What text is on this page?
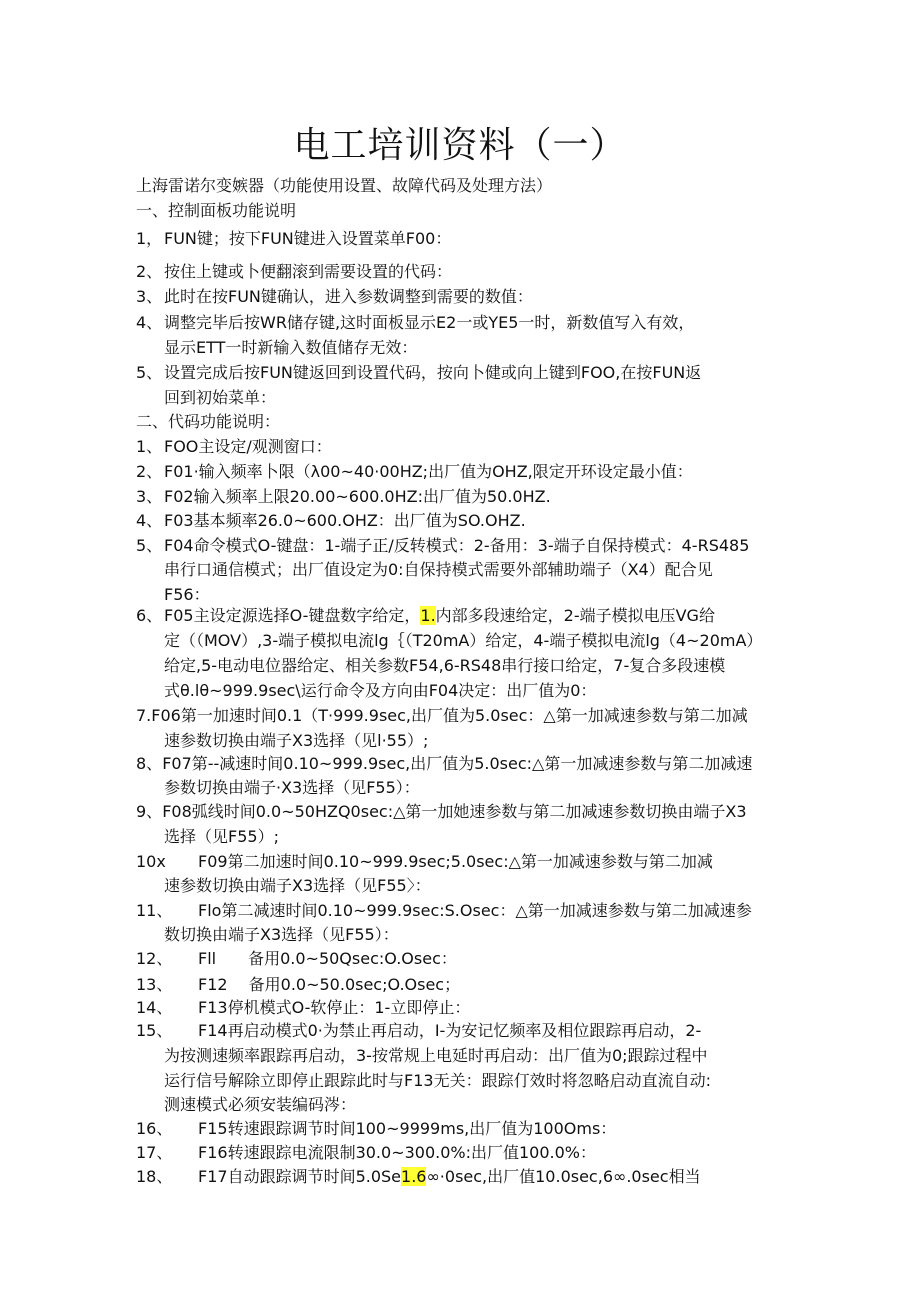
电工培训资料（一）
上海雷诺尔变嫉器（功能使用设置、故障代码及处理方法）
一、控制面板功能说明
1， FUN键；按下FUN键进入设置菜单F00：
2、 按住上键或卜便翻滚到需要设置的代码：
3、 此时在按FUN键确认，进入参数调整到需要的数值：
4、 调整完毕后按WR储存键,这时面板显示E2一或YE5一时，新数值写入有效，
显示ETT一时新输入数值储存无效：
5、 设置完成后按FUN键返回到设置代码，按向卜健或向上键到FOO,在按FUN返
回到初始菜单：
二、代码功能说明：
1、 FOO主设定/观测窗口：
2、 F01·输入频率卜限（λ00~40·00HZ;出厂值为OHZ,限定开环设定最小值：
3、 F02输入频率上限20.00~600.0HZ:出厂值为50.0HZ.
4、 F03基本频率26.0~600.OHZ：出厂值为SO.OHZ.
5、 F04命令模式O-键盘：1-端子正/反转模式：2-备用：3-端子自保持模式：4-RS485
串行口通信模式；出厂值设定为0:自保持模式需要外部辅助端子（X4）配合见
F56：
6、 F05主设定源选择O-键盘数字给定，1.内部多段速给定，2-端子模拟电压VG给
定（（MOV）,3-端子模拟电流lg｛（T20mA）给定，4-端子模拟电流lg（4~20mA）
给定,5-电动电位器给定、相关参数F54,6-RS48串行接口给定，7-复合多段速模
式θ.lθ~999.9sec\运行命令及方向由F04决定：出厂值为0：
7.F06第一加速时间0.1（T·999.9sec,出厂值为5.0sec：△第一加减速参数与第二加减
速参数切换由端子X3选择（见l·55）;
8、F07第--减速时间0.10~999.9sec,出厂值为5.0sec:△第一加减速参数与第二加减速
参数切换由端子·X3选择（见F55）：
9、F08弧线时间0.0~50HZQ0sec:△第一加她速参数与第二加减速参数切换由端子X3
选择（见F55）;
10x F09第二加速时间0.10~999.9sec;5.0sec:△第一加减速参数与第二加减
速参数切换由端子X3选择（见F55〉：
11、 Flo第二减速时间0.10~999.9sec:S.Osec：△第一加减速参数与第二加减速参
数切换由端子X3选择（见F55）：
12、 Fll　　备用0.0~50Qsec:O.Osec：
13、 F12　 备用0.0~50.0sec;O.Osec；
14、 F13停机模式O-软停止：1-立即停止：
15、 F14再启动模式0·为禁止再启动，I-为安记忆频率及相位跟踪再启动，2-
为按测速频率跟踪再启动，3-按常规上电延时再启动：出厂值为0;跟踪过程中
运行信号解除立即停止跟踪此时与F13无关：跟踪仃效时将忽略启动直流自动:
测速模式必须安装编码涔：
16、 F15转速跟踪调节时间100~9999ms,出厂值为100Oms：
17、 F16转速跟踪电流限制30.0~300.0%:出厂值100.0%：
18、 F17自动跟踪调节时间5.0Se1.6∞·0sec,出厂值10.0sec,6∞.0sec相当
